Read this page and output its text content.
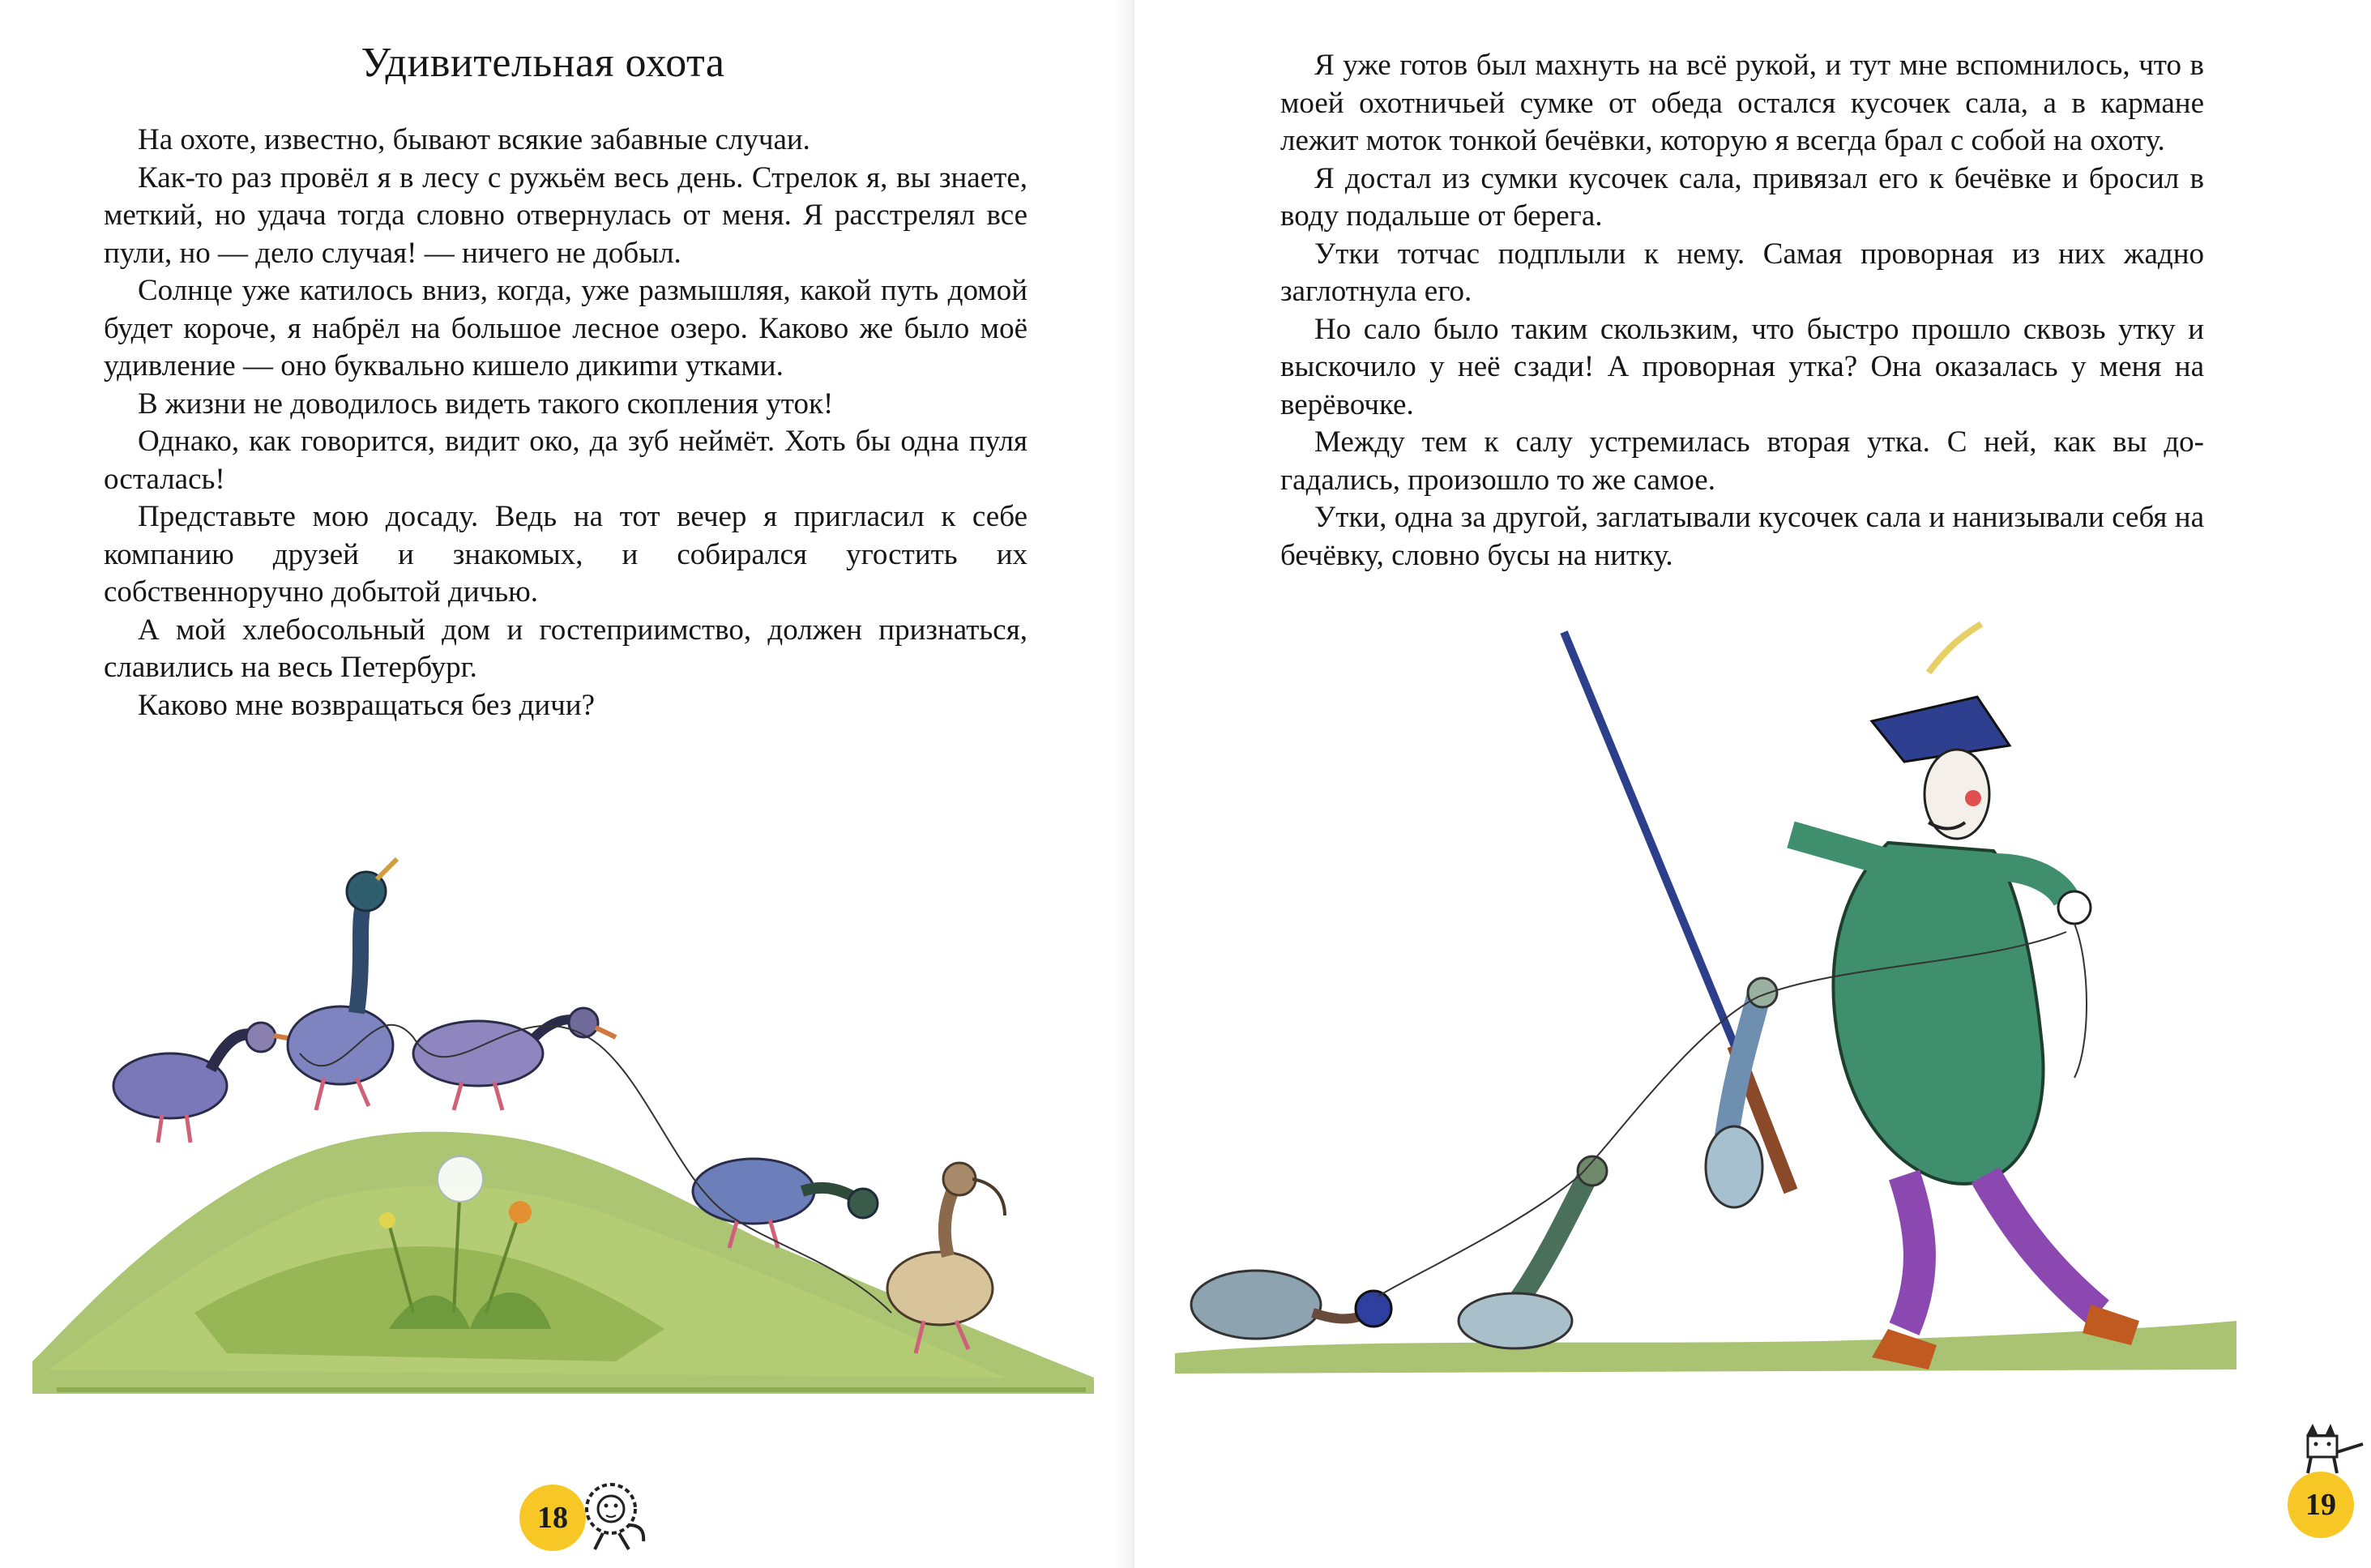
Удивительная охота

На охоте, известно, бывают всякие забавные случаи.

Как-то раз провёл я в лесу с ружьём весь день. Стрелок я, вы знаете, меткий, но удача тогда словно отвернулась от меня. Я расстрелял все пули, но — дело случая! — ничего не добыл.

Солнце уже катилось вниз, когда, уже размышляя, какой путь домой будет короче, я набрёл на большое лесное озеро. Каково же было моё удивление — оно буквально кишело дикиmи утками.

В жизни не доводилось видеть такого скопления уток!

Однако, как говорится, видит око, да зуб неймёт. Хоть бы одна пуля осталась!

Представьте мою досаду. Ведь на тот вечер я пригласил к себе компанию друзей и знакомых, и собирался угостить их собственноручно добытой дичью.

А мой хлебосольный дом и гостеприимство, должен признаться, славились на весь Петербург.

Каково мне возвращаться без дичи?

18

Я уже готов был махнуть на всё рукой, и тут мне вспомнилось, что в моей охотничьей сумке от обеда остался кусочек сала, а в кармане лежит моток тонкой бечёвки, которую я всегда брал с собой на охоту.

Я достал из сумки кусочек сала, привязал его к бечёвке и бросил в воду подальше от берега.

Утки тотчас подплыли к нему. Самая проворная из них жадно заглотнула его.

Но сало было таким скользким, что быстро прошло сквозь утку и выскочило у неё сзади! А проворная утка? Она оказалась у меня на верёвочке.

Между тем к салу устремилась вторая утка. С ней, как вы догадались, произошло то же самое.

Утки, одна за другой, заглатывали кусочек сала и нанизывали себя на бечёвку, словно бусы на нитку.

19
